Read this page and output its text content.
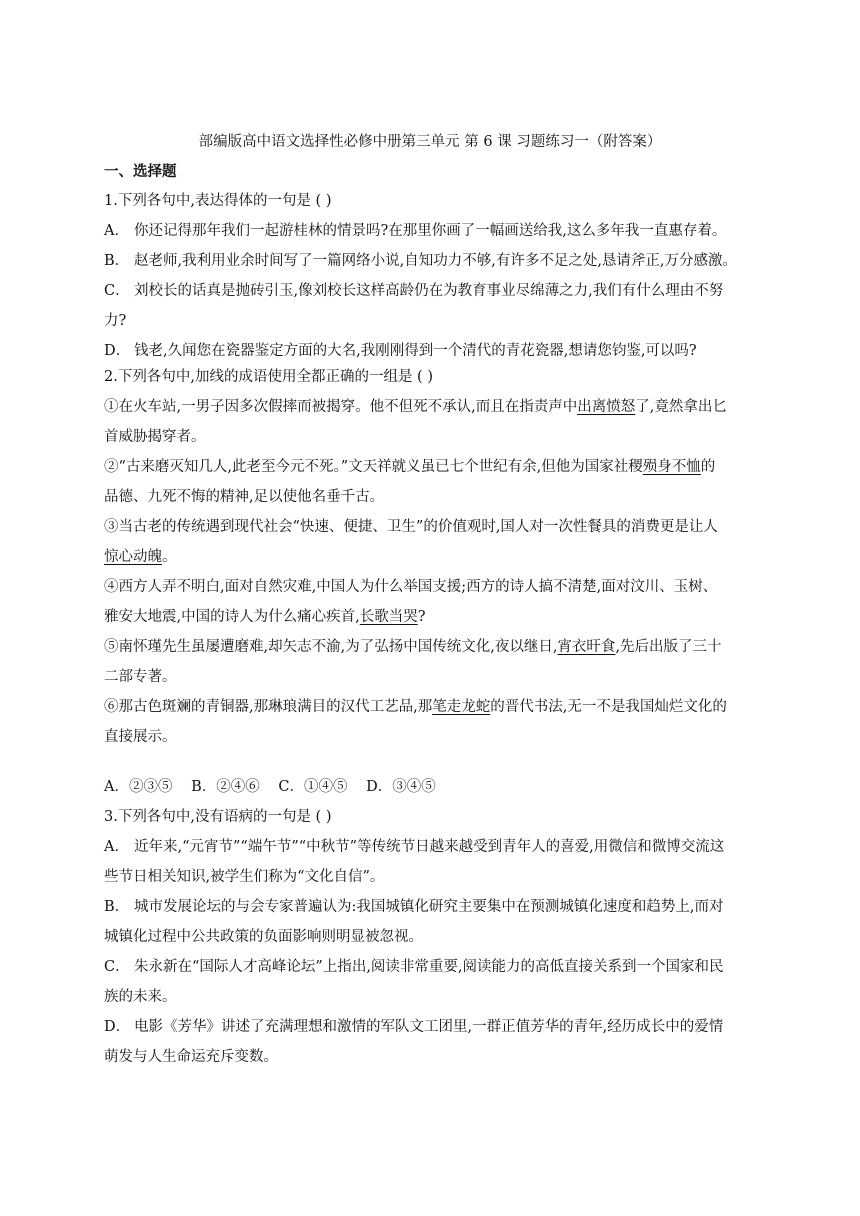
部编版高中语文选择性必修中册第三单元 第 6 课 习题练习一（附答案）
一、选择题
1.下列各句中,表达得体的一句是 ( )
A． 你还记得那年我们一起游桂林的情景吗?在那里你画了一幅画送给我,这么多年我一直惠存着。
B． 赵老师,我利用业余时间写了一篇网络小说,自知功力不够,有许多不足之处,恳请斧正,万分感激。
C． 刘校长的话真是抛砖引玉,像刘校长这样高龄仍在为教育事业尽绵薄之力,我们有什么理由不努
力?
D． 钱老,久闻您在瓷器鉴定方面的大名,我刚刚得到一个清代的青花瓷器,想请您钧鉴,可以吗?
2.下列各句中,加线的成语使用全都正确的一组是 ( )
①在火车站,一男子因多次假摔而被揭穿。他不但死不承认,而且在指责声中出离愤怒了,竟然拿出匕
首威胁揭穿者。
②“古来磨灭知几人,此老至今元不死。”文天祥就义虽已七个世纪有余,但他为国家社稷殒身不恤的
品德、九死不悔的精神,足以使他名垂千古。
③当古老的传统遇到现代社会“快速、便捷、卫生”的价值观时,国人对一次性餐具的消费更是让人
惊心动魄。
④西方人弄不明白,面对自然灾难,中国人为什么举国支援;西方的诗人搞不清楚,面对汶川、玉树、
雅安大地震,中国的诗人为什么痛心疾首,长歌当哭?
⑤南怀瑾先生虽屡遭磨难,却矢志不渝,为了弘扬中国传统文化,夜以继日,宵衣旰食,先后出版了三十
二部专著。
⑥那古色斑斓的青铜器,那琳琅满目的汉代工艺品,那笔走龙蛇的晋代书法,无一不是我国灿烂文化的
直接展示。
A．②③⑤ B．②④⑥ C．①④⑤ D．③④⑤
3.下列各句中,没有语病的一句是 ( )
A． 近年来,“元宵节”“端午节”“中秋节”等传统节日越来越受到青年人的喜爱,用微信和微博交流这
些节日相关知识,被学生们称为“文化自信”。
B． 城市发展论坛的与会专家普遍认为:我国城镇化研究主要集中在预测城镇化速度和趋势上,而对
城镇化过程中公共政策的负面影响则明显被忽视。
C． 朱永新在“国际人才高峰论坛”上指出,阅读非常重要,阅读能力的高低直接关系到一个国家和民
族的未来。
D． 电影《芳华》讲述了充满理想和激情的军队文工团里,一群正值芳华的青年,经历成长中的爱情
萌发与人生命运充斥变数。
